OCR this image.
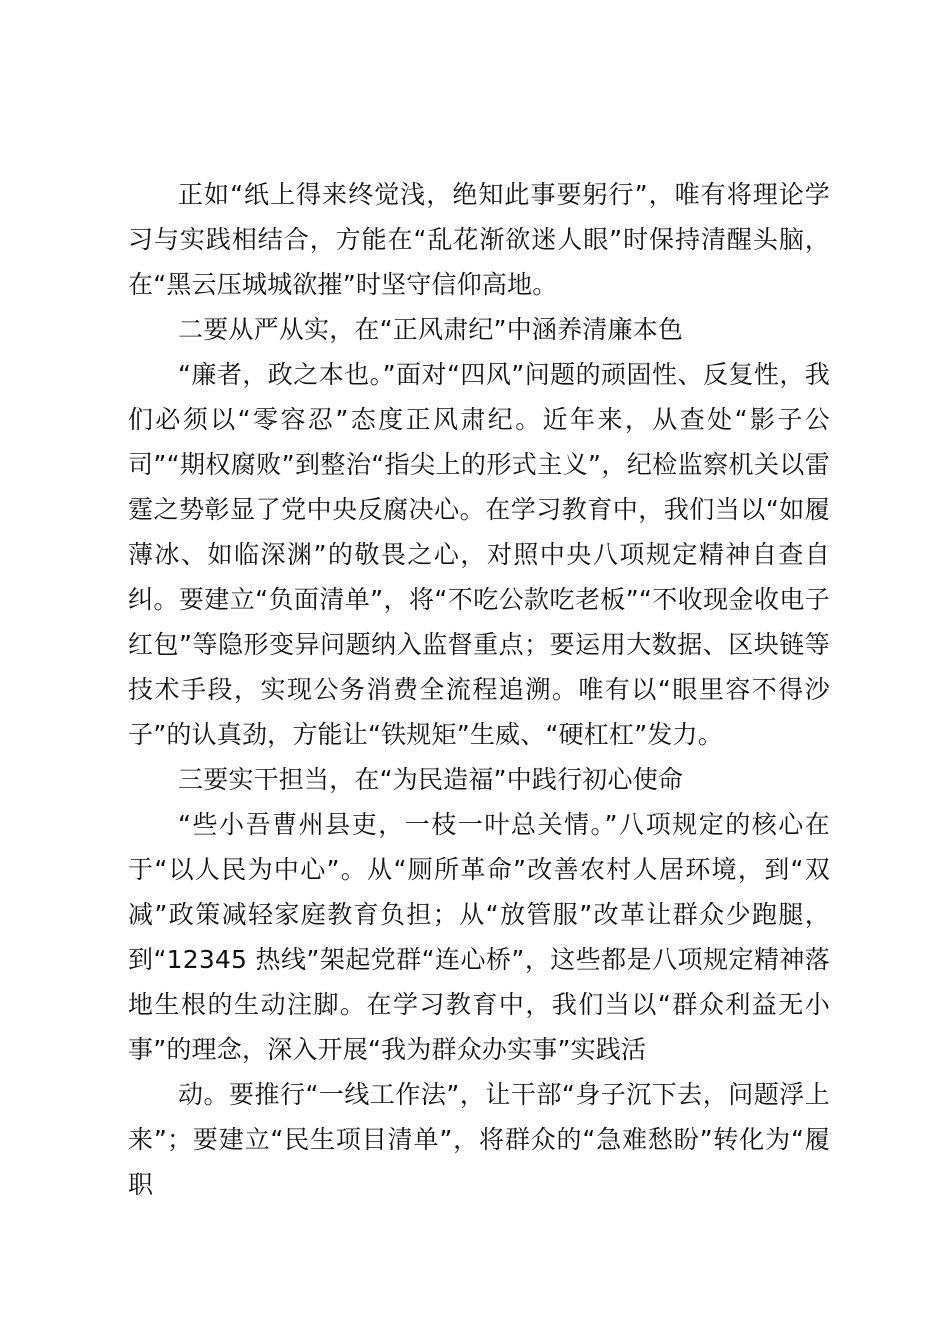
正如“纸上得来终觉浅，绝知此事要躬行”，唯有将理论学习与实践相结合，方能在“乱花渐欲迷人眼”时保持清醒头脑，在“黑云压城城欲摧”时坚守信仰高地。

二要从严从实，在“正风肃纪”中涵养清廉本色

“廉者，政之本也。”面对“四风”问题的顽固性、反复性，我们必须以“零容忍”态度正风肃纪。近年来，从查处“影子公司”“期权腐败”到整治“指尖上的形式主义”，纪检监察机关以雷霆之势彰显了党中央反腐决心。在学习教育中，我们当以“如履薄冰、如临深渊”的敬畏之心，对照中央八项规定精神自查自纠。要建立“负面清单”，将“不吃公款吃老板”“不收现金收电子红包”等隐形变异问题纳入监督重点；要运用大数据、区块链等技术手段，实现公务消费全流程追溯。唯有以“眼里容不得沙子”的认真劲，方能让“铁规矩”生威、“硬杠杠”发力。

三要实干担当，在“为民造福”中践行初心使命

“些小吾曹州县吏，一枝一叶总关情。”八项规定的核心在于“以人民为中心”。从“厕所革命”改善农村人居环境，到“双减”政策减轻家庭教育负担；从“放管服”改革让群众少跑腿，到“12345 热线”架起党群“连心桥”，这些都是八项规定精神落地生根的生动注脚。在学习教育中，我们当以“群众利益无小事”的理念，深入开展“我为群众办实事”实践活

动。要推行“一线工作法”，让干部“身子沉下去，问题浮上来”；要建立“民生项目清单”，将群众的“急难愁盼”转化为“履职
